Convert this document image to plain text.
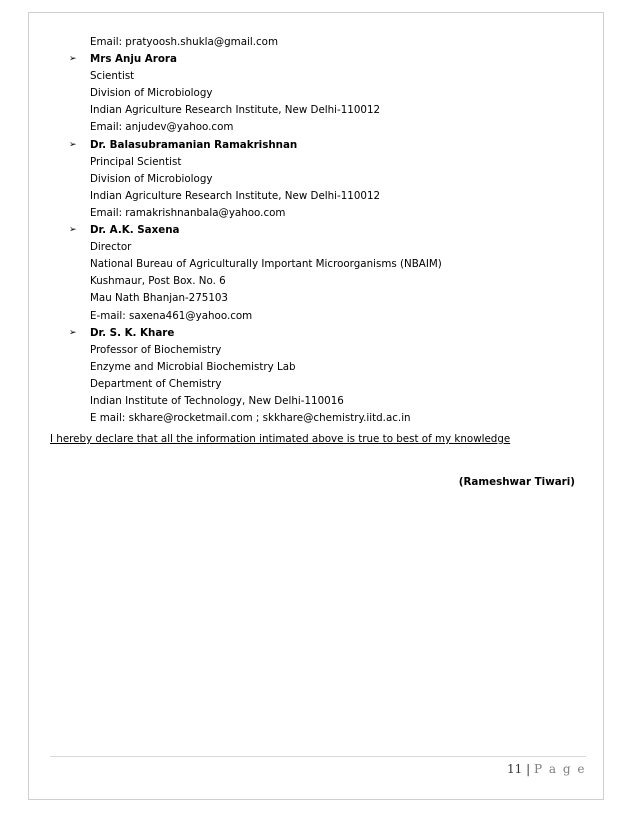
Email: pratyoosh.shukla@gmail.com
➢ Mrs Anju Arora
Scientist
Division of Microbiology
Indian Agriculture Research Institute, New Delhi-110012
Email: anjudev@yahoo.com
➢ Dr. Balasubramanian Ramakrishnan
Principal Scientist
Division of Microbiology
Indian Agriculture Research Institute, New Delhi-110012
Email: ramakrishnanbala@yahoo.com
➢ Dr. A.K. Saxena
Director
National Bureau of Agriculturally Important Microorganisms (NBAIM)
Kushmaur, Post Box. No. 6
Mau Nath Bhanjan-275103
E-mail: saxena461@yahoo.com
➢ Dr. S. K. Khare
Professor of Biochemistry
Enzyme and Microbial Biochemistry Lab
Department of Chemistry
Indian Institute of Technology, New Delhi-110016
E mail: skhare@rocketmail.com ; skkhare@chemistry.iitd.ac.in
I hereby declare that all the information intimated above is true to best of my knowledge
(Rameshwar Tiwari)
11 | P a g e
